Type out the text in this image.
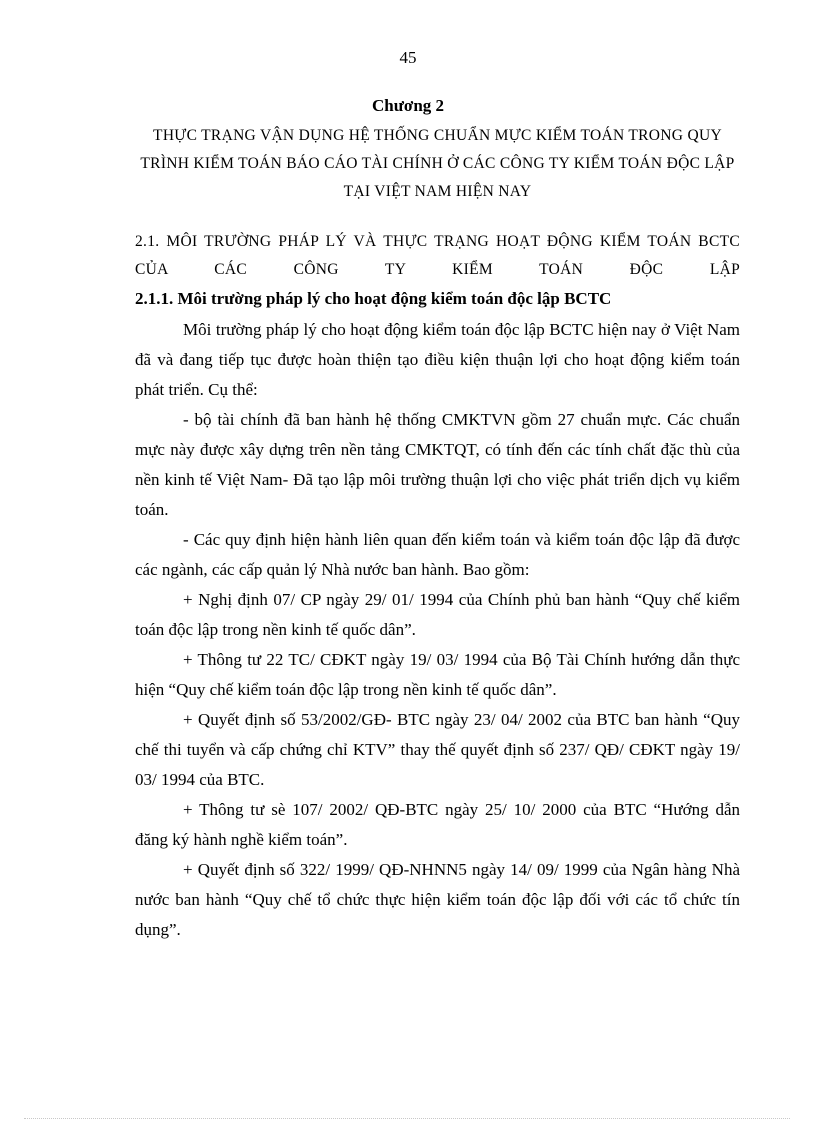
45
Chương 2
THỰC TRẠNG VẬN DỤNG HỆ THỐNG CHUẨN MỰC KIỂM TOÁN TRONG QUY TRÌNH KIỂM TOÁN BÁO CÁO TÀI CHÍNH Ở CÁC CÔNG TY KIỂM TOÁN ĐỘC LẬP TẠI VIỆT NAM HIỆN NAY
2.1. MÔI TRƯỜNG PHÁP LÝ VÀ THỰC TRẠNG HOẠT ĐỘNG KIỂM TOÁN BCTC CỦA CÁC CÔNG TY KIỂM TOÁN ĐỘC LẬP
2.1.1. Môi trường pháp lý cho hoạt động kiểm toán độc lập BCTC

Môi trường pháp lý cho hoạt động kiểm toán độc lập BCTC hiện nay ở Việt Nam đã và đang tiếp tục được hoàn thiện tạo điều kiện thuận lợi cho hoạt động kiểm toán phát triển. Cụ thể:

- bộ tài chính đã ban hành hệ thống CMKTVN gồm 27 chuẩn mực. Các chuẩn mực này được xây dựng trên nền tảng CMKTQT, có tính đến các tính chất đặc thù của nền kinh tế Việt Nam- Đã tạo lập môi trường thuận lợi cho việc phát triển dịch vụ kiểm toán.

- Các quy định hiện hành liên quan đến kiểm toán và kiểm toán độc lập đã được các ngành, các cấp quản lý Nhà nước ban hành. Bao gồm:

+ Nghị định 07/ CP ngày 29/ 01/ 1994 của Chính phủ ban hành “Quy chế kiểm toán độc lập trong nền kinh tế quốc dân”.

+ Thông tư 22 TC/ CĐKT ngày 19/ 03/ 1994 của Bộ Tài Chính hướng dẫn thực hiện “Quy chế kiểm toán độc lập trong nền kinh tế quốc dân”.

+ Quyết định số 53/2002/GĐ- BTC ngày 23/ 04/ 2002 của BTC ban hành “Quy chế thi tuyển và cấp chứng chỉ KTV” thay thế quyết định số 237/ QĐ/ CĐKT ngày 19/ 03/ 1994 của BTC.

+ Thông tư sè 107/ 2002/ QĐ-BTC ngày 25/ 10/ 2000 của BTC “Hướng dẫn đăng ký hành nghề kiểm toán”.

+ Quyết định số 322/ 1999/ QĐ-NHNN5 ngày 14/ 09/ 1999 của Ngân hàng Nhà nước ban hành “Quy chế tổ chức thực hiện kiểm toán độc lập đối với các tổ chức tín dụng”.
